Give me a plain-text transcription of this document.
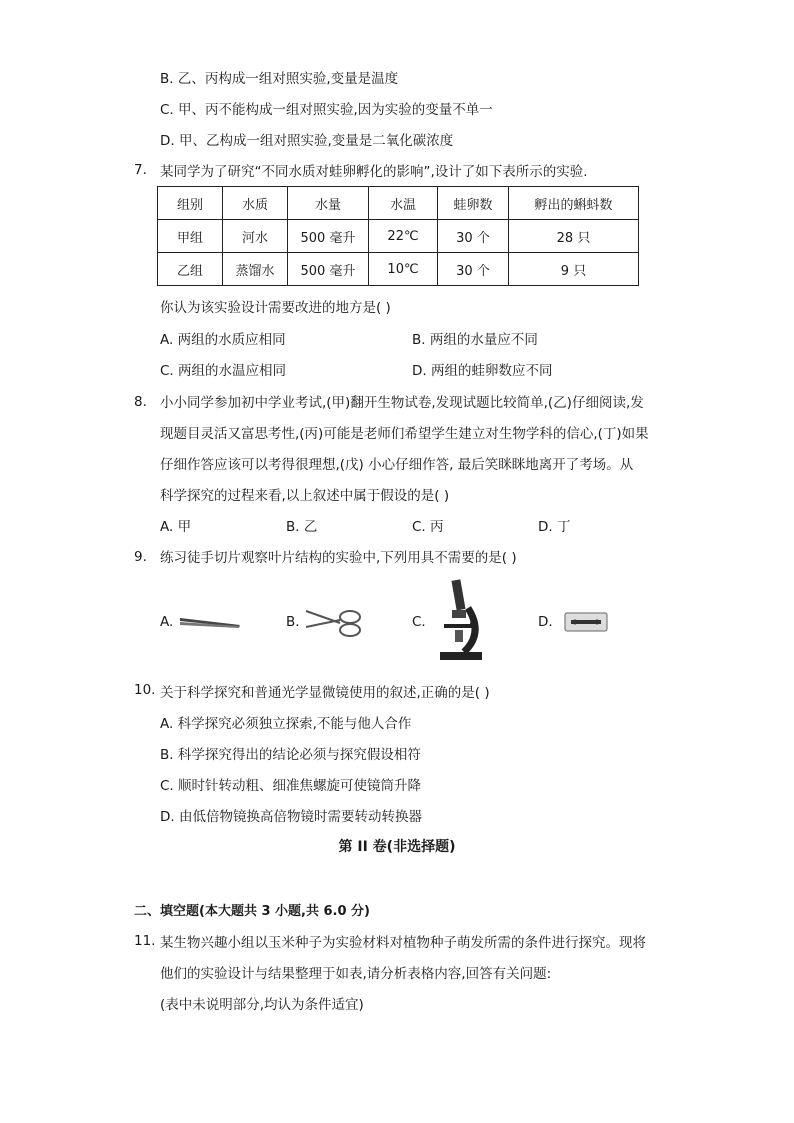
B. 乙、丙构成一组对照实验,变量是温度
C. 甲、丙不能构成一组对照实验,因为实验的变量不单一
D. 甲、乙构成一组对照实验,变量是二氧化碳浓度
7. 某同学为了研究“不同水质对蛙卵孵化的影响”,设计了如下表所示的实验.
组别	水质	水量	水温	蛙卵数	孵出的蝌蚪数
甲组	河水	500 毫升	22℃	30 个	28 只
乙组	蒸馏水	500 毫升	10℃	30 个	9 只
你认为该实验设计需要改进的地方是( )
A. 两组的水质应相同	B. 两组的水量应不同
C. 两组的水温应相同	D. 两组的蛙卵数应不同
8. 小小同学参加初中学业考试,(甲)翻开生物试卷,发现试题比较简单,(乙)仔细阅读,发
现题目灵活又富思考性,(丙)可能是老师们希望学生建立对生物学科的信心,(丁)如果
仔细作答应该可以考得很理想,(戊) 小心仔细作答, 最后笑眯眯地离开了考场。从
科学探究的过程来看,以上叙述中属于假设的是( )
A. 甲	B. 乙	C. 丙	D. 丁
9. 练习徒手切片观察叶片结构的实验中,下列用具不需要的是( )
A.	B.	C.	D.
10. 关于科学探究和普通光学显微镜使用的叙述,正确的是( )
A. 科学探究必须独立探索,不能与他人合作
B. 科学探究得出的结论必须与探究假设相符
C. 顺时针转动粗、细准焦螺旋可使镜筒升降
D. 由低倍物镜换高倍物镜时需要转动转换器
第 II 卷(非选择题)
二、填空题(本大题共 3 小题,共 6.0 分)
11. 某生物兴趣小组以玉米种子为实验材料对植物种子萌发所需的条件进行探究。现将
他们的实验设计与结果整理于如表,请分析表格内容,回答有关问题:
(表中未说明部分,均认为条件适宜)
